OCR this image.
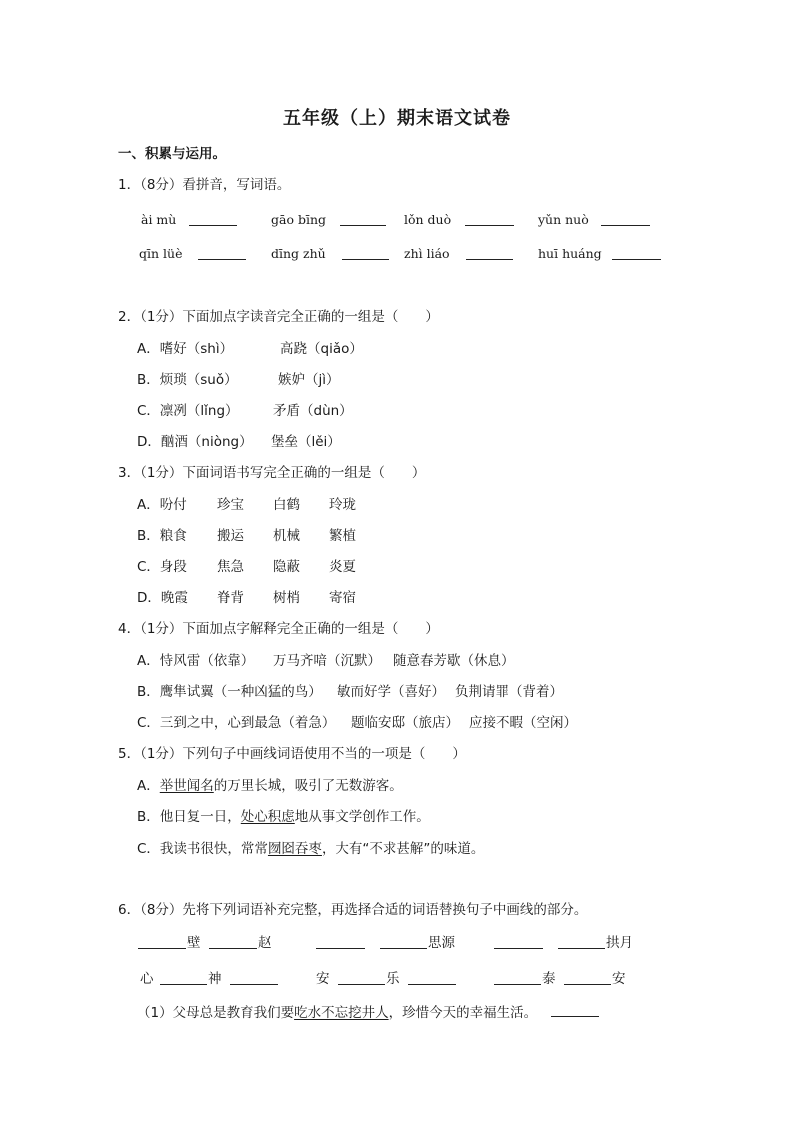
五年级（上）期末语文试卷
一、积累与运用。
1．（8分）看拼音，写词语。
ài mù	gāo bīng	lǒn duò	yǔn nuò
qīn lüè	dīng zhǔ	zhì liáo	huī huáng
2．（1分）下面加点字读音完全正确的一组是（　　）
A．嗜好（shì）	高跷（qiǎo）
B．烦琐（suǒ）	嫉妒（jì）
C．凛冽（lǐng）	矛盾（dùn）
D．酗酒（niòng） 堡垒（lěi）
3．（1分）下面词语书写完全正确的一组是（　　）
A．吩付 珍宝 白鹤 玲珑
B．粮食 搬运 机械 繁植
C．身段 焦急 隐蔽 炎夏
D．晚霞 脊背 树梢 寄宿
4．（1分）下面加点字解释完全正确的一组是（　　）
A．恃风雷（依靠） 万马齐喑（沉默） 随意春芳歇（休息）
B．鹰隼试翼（一种凶猛的鸟） 敏而好学（喜好） 负荆请罪（背着）
C．三到之中，心到最急（着急） 题临安邸（旅店） 应接不暇（空闲）
5．（1分）下列句子中画线词语使用不当的一项是（　　）
A．举世闻名的万里长城，吸引了无数游客。
B．他日复一日，处心积虑地从事文学创作工作。
C．我读书很快，常常囫囵吞枣，大有“不求甚解”的味道。
6．（8分）先将下列词语补充完整，再选择合适的词语替换句子中画线的部分。
壁	赵	思源	拱月
心	神	安	乐	泰	安
（1）父母总是教育我们要吃水不忘挖井人，珍惜今天的幸福生活。
